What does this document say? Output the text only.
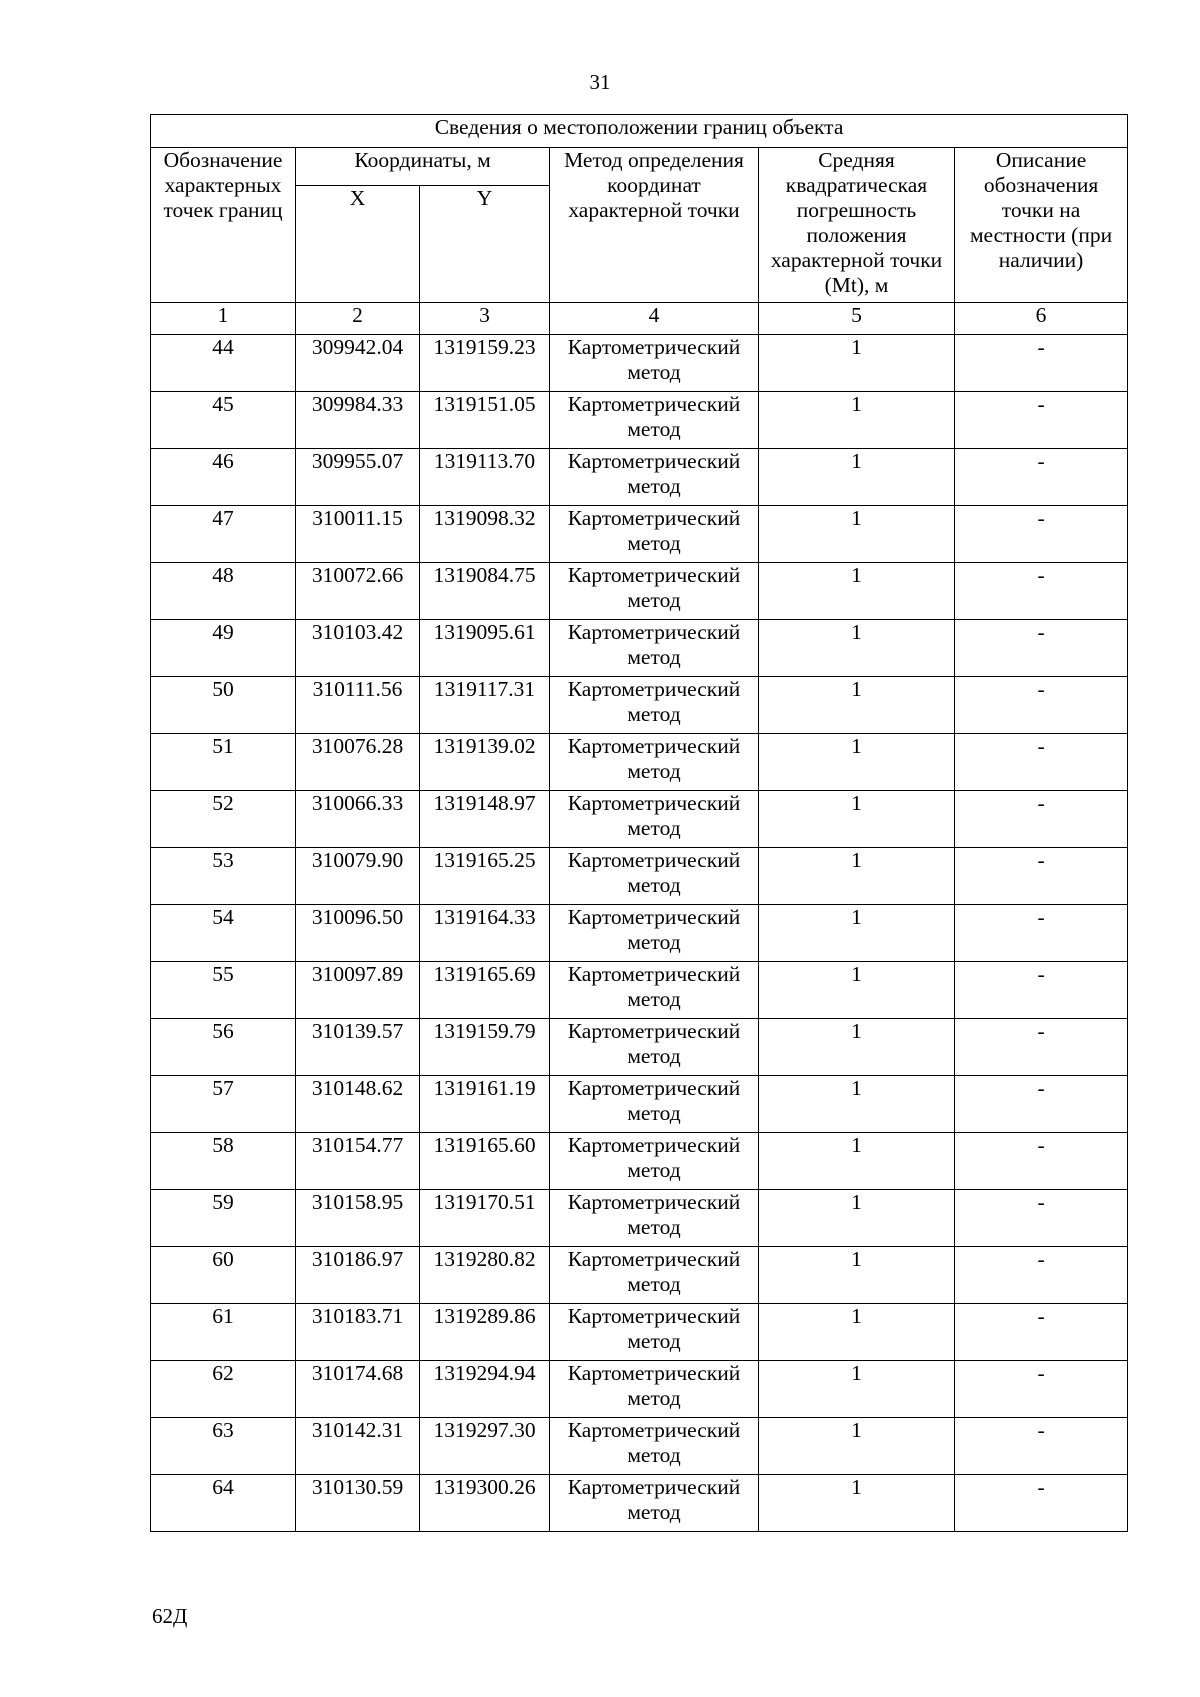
31
Сведения о местоположении границ объекта					
Обозначение характерных точек границ	Координаты, м		Метод определения координат характерной точки	Средняя квадратическая погрешность положения характерной точки (Mt), м	Описание обозначения точки на местности (при наличии)
	X	Y			
1	2	3	4	5	6
44	309942.04	1319159.23	Картометрический метод	1	-
45	309984.33	1319151.05	Картометрический метод	1	-
46	309955.07	1319113.70	Картометрический метод	1	-
47	310011.15	1319098.32	Картометрический метод	1	-
48	310072.66	1319084.75	Картометрический метод	1	-
49	310103.42	1319095.61	Картометрический метод	1	-
50	310111.56	1319117.31	Картометрический метод	1	-
51	310076.28	1319139.02	Картометрический метод	1	-
52	310066.33	1319148.97	Картометрический метод	1	-
53	310079.90	1319165.25	Картометрический метод	1	-
54	310096.50	1319164.33	Картометрический метод	1	-
55	310097.89	1319165.69	Картометрический метод	1	-
56	310139.57	1319159.79	Картометрический метод	1	-
57	310148.62	1319161.19	Картометрический метод	1	-
58	310154.77	1319165.60	Картометрический метод	1	-
59	310158.95	1319170.51	Картометрический метод	1	-
60	310186.97	1319280.82	Картометрический метод	1	-
61	310183.71	1319289.86	Картометрический метод	1	-
62	310174.68	1319294.94	Картометрический метод	1	-
63	310142.31	1319297.30	Картометрический метод	1	-
64	310130.59	1319300.26	Картометрический метод	1	-
62Д
